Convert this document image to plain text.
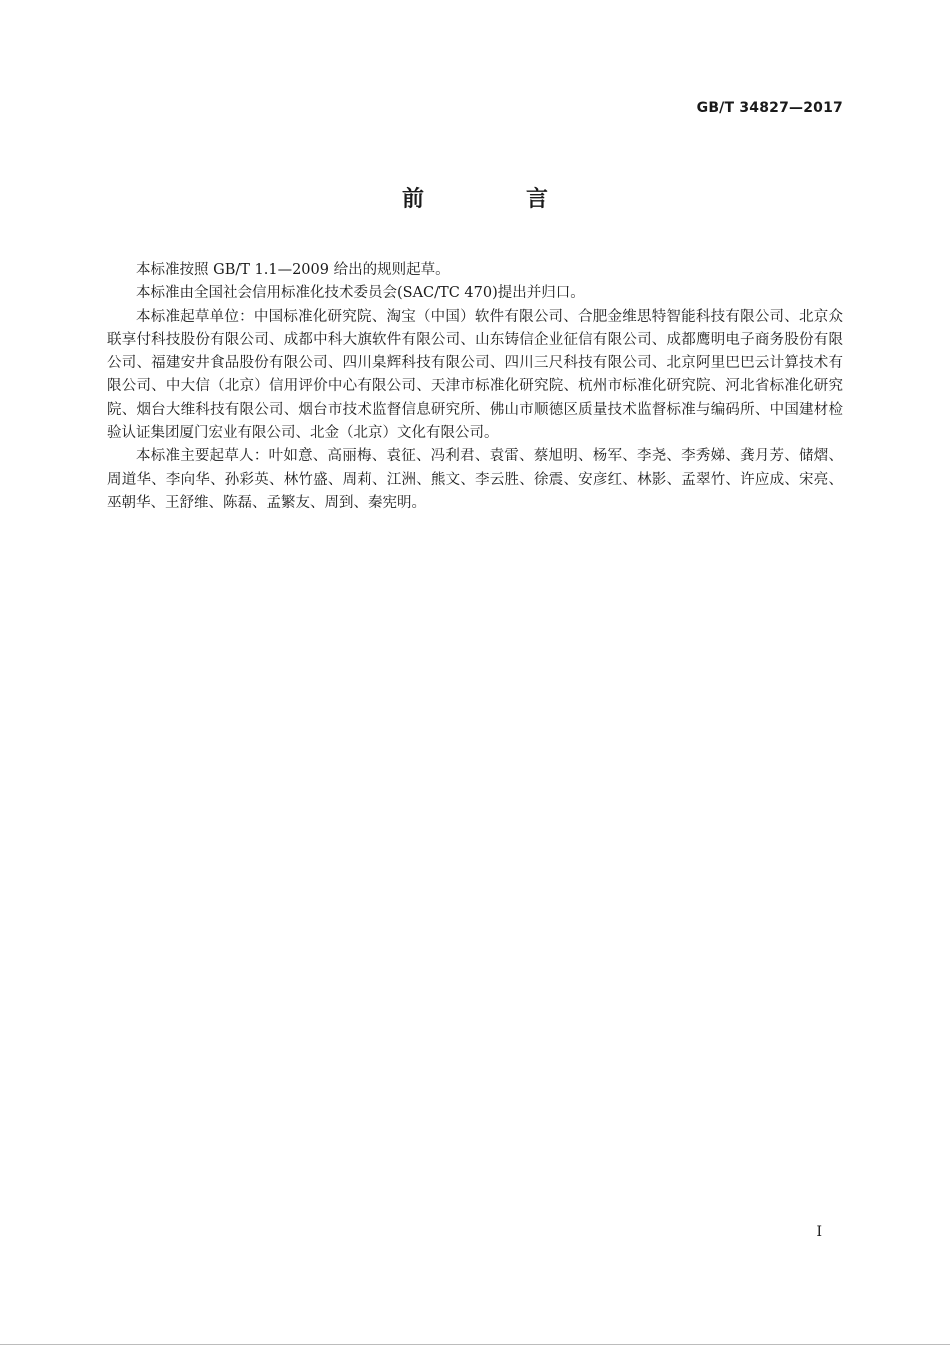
GB/T 34827—2017
前　言

本标准按照 GB/T 1.1—2009 给出的规则起草。

本标准由全国社会信用标准化技术委员会(SAC/TC 470)提出并归口。

本标准起草单位：中国标准化研究院、淘宝（中国）软件有限公司、合肥金维思特智能科技有限公司、北京众联享付科技股份有限公司、成都中科大旗软件有限公司、山东铸信企业征信有限公司、成都鹰明电子商务股份有限公司、福建安井食品股份有限公司、四川臬辉科技有限公司、四川三尺科技有限公司、北京阿里巴巴云计算技术有限公司、中大信（北京）信用评价中心有限公司、天津市标准化研究院、杭州市标准化研究院、河北省标准化研究院、烟台大维科技有限公司、烟台市技术监督信息研究所、佛山市顺德区质量技术监督标准与编码所、中国建材检验认证集团厦门宏业有限公司、北金（北京）文化有限公司。

本标准主要起草人：叶如意、高丽梅、袁征、冯利君、袁雷、蔡旭明、杨军、李尧、李秀娣、龚月芳、储熠、周道华、李向华、孙彩英、林竹盛、周莉、江洲、熊文、李云胜、徐震、安彦红、林影、孟翠竹、许应成、宋亮、巫朝华、王舒维、陈磊、孟繁友、周到、秦宪明。

I
